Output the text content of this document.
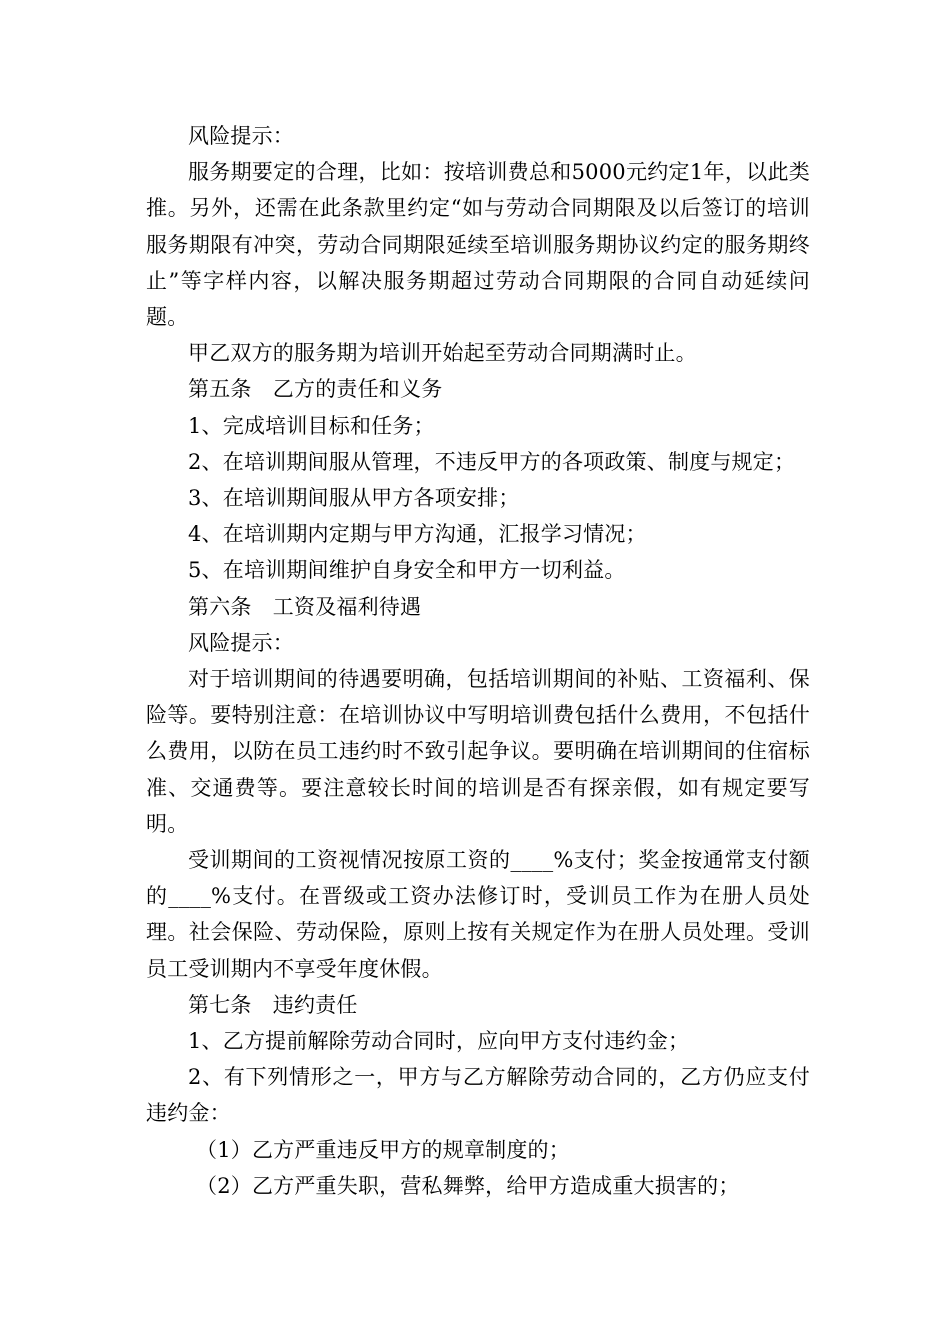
风险提示：

服务期要定的合理，比如：按培训费总和5000元约定1年，以此类推。另外，还需在此条款里约定“如与劳动合同期限及以后签订的培训服务期限有冲突，劳动合同期限延续至培训服务期协议约定的服务期终止”等字样内容，以解决服务期超过劳动合同期限的合同自动延续问题。

甲乙双方的服务期为培训开始起至劳动合同期满时止。

第五条　乙方的责任和义务

1、完成培训目标和任务；

2、在培训期间服从管理，不违反甲方的各项政策、制度与规定；

3、在培训期间服从甲方各项安排；

4、在培训期内定期与甲方沟通，汇报学习情况；

5、在培训期间维护自身安全和甲方一切利益。

第六条　工资及福利待遇

风险提示：

对于培训期间的待遇要明确，包括培训期间的补贴、工资福利、保险等。要特别注意：在培训协议中写明培训费包括什么费用，不包括什么费用，以防在员工违约时不致引起争议。要明确在培训期间的住宿标准、交通费等。要注意较长时间的培训是否有探亲假，如有规定要写明。

受训期间的工资视情况按原工资的____%支付；奖金按通常支付额的____%支付。在晋级或工资办法修订时，受训员工作为在册人员处理。社会保险、劳动保险，原则上按有关规定作为在册人员处理。受训员工受训期内不享受年度休假。

第七条　违约责任

1、乙方提前解除劳动合同时，应向甲方支付违约金；

2、有下列情形之一，甲方与乙方解除劳动合同的，乙方仍应支付违约金：

（1）乙方严重违反甲方的规章制度的；

（2）乙方严重失职，营私舞弊，给甲方造成重大损害的；
